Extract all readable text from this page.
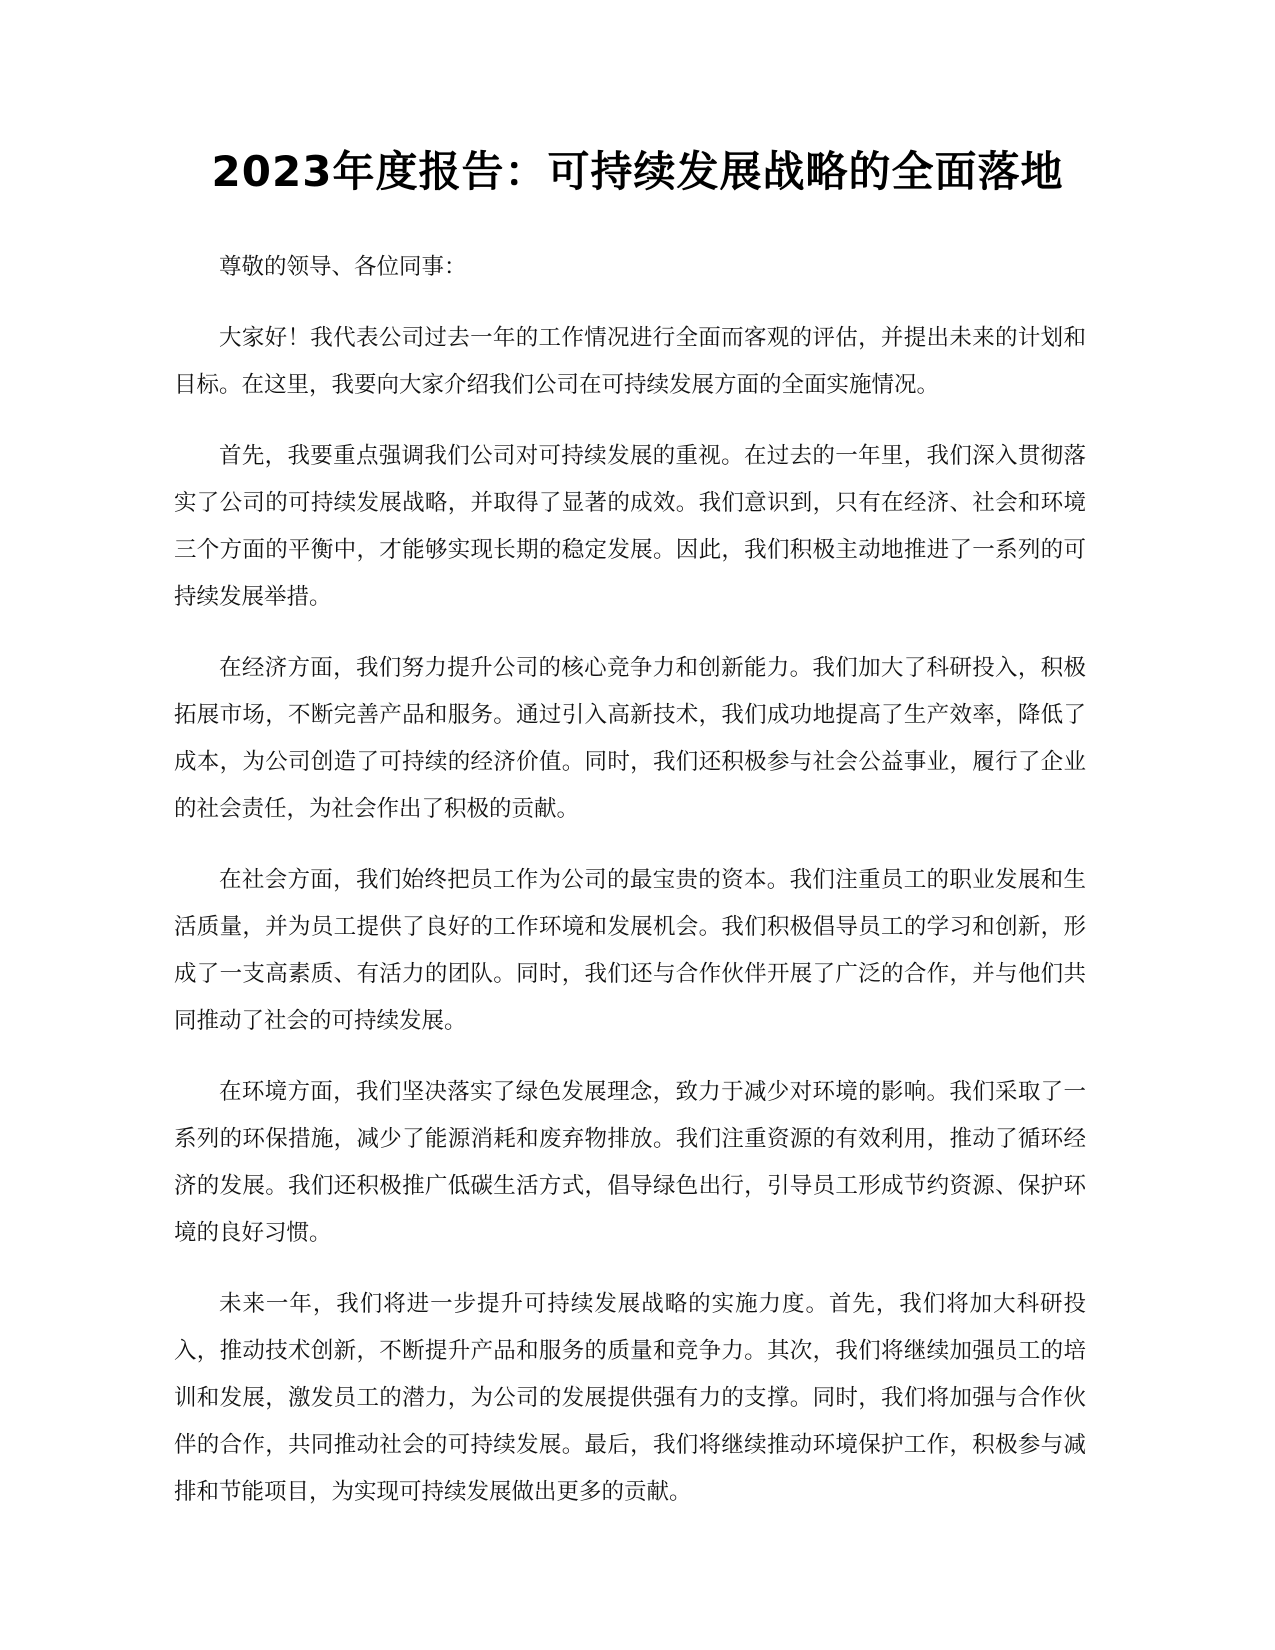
2023年度报告：可持续发展战略的全面落地

尊敬的领导、各位同事：

大家好！我代表公司过去一年的工作情况进行全面而客观的评估，并提出未来的计划和目标。在这里，我要向大家介绍我们公司在可持续发展方面的全面实施情况。

首先，我要重点强调我们公司对可持续发展的重视。在过去的一年里，我们深入贯彻落实了公司的可持续发展战略，并取得了显著的成效。我们意识到，只有在经济、社会和环境三个方面的平衡中，才能够实现长期的稳定发展。因此，我们积极主动地推进了一系列的可持续发展举措。

在经济方面，我们努力提升公司的核心竞争力和创新能力。我们加大了科研投入，积极拓展市场，不断完善产品和服务。通过引入高新技术，我们成功地提高了生产效率，降低了成本，为公司创造了可持续的经济价值。同时，我们还积极参与社会公益事业，履行了企业的社会责任，为社会作出了积极的贡献。

在社会方面，我们始终把员工作为公司的最宝贵的资本。我们注重员工的职业发展和生活质量，并为员工提供了良好的工作环境和发展机会。我们积极倡导员工的学习和创新，形成了一支高素质、有活力的团队。同时，我们还与合作伙伴开展了广泛的合作，并与他们共同推动了社会的可持续发展。

在环境方面，我们坚决落实了绿色发展理念，致力于减少对环境的影响。我们采取了一系列的环保措施，减少了能源消耗和废弃物排放。我们注重资源的有效利用，推动了循环经济的发展。我们还积极推广低碳生活方式，倡导绿色出行，引导员工形成节约资源、保护环境的良好习惯。

未来一年，我们将进一步提升可持续发展战略的实施力度。首先，我们将加大科研投入，推动技术创新，不断提升产品和服务的质量和竞争力。其次，我们将继续加强员工的培训和发展，激发员工的潜力，为公司的发展提供强有力的支撑。同时，我们将加强与合作伙伴的合作，共同推动社会的可持续发展。最后，我们将继续推动环境保护工作，积极参与减排和节能项目，为实现可持续发展做出更多的贡献。
